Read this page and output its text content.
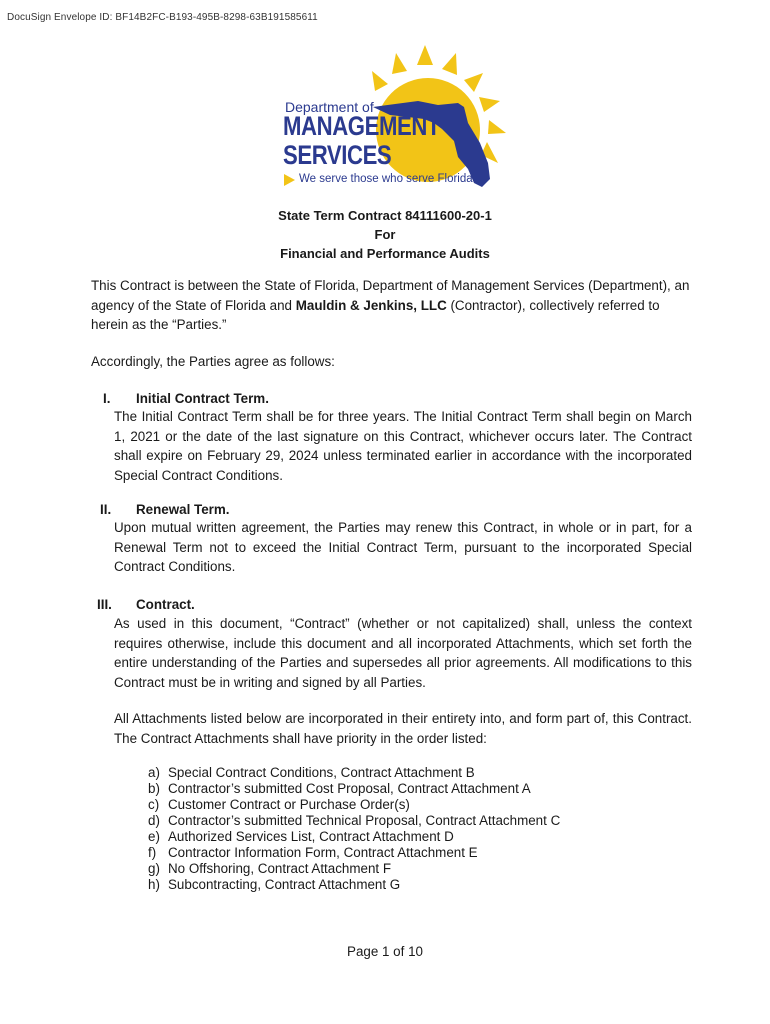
DocuSign Envelope ID: BF14B2FC-B193-495B-8298-63B191585611
Department of
MANAGEMENT
SERVICES
We serve those who serve Florida
State Term Contract 84111600-20-1
For
Financial and Performance Audits
This Contract is between the State of Florida, Department of Management Services (Department), an agency of the State of Florida and Mauldin & Jenkins, LLC (Contractor), collectively referred to herein as the “Parties.”
Accordingly, the Parties agree as follows:
I. Initial Contract Term.
The Initial Contract Term shall be for three years. The Initial Contract Term shall begin on March 1, 2021 or the date of the last signature on this Contract, whichever occurs later. The Contract shall expire on February 29, 2024 unless terminated earlier in accordance with the incorporated Special Contract Conditions.
II. Renewal Term.
Upon mutual written agreement, the Parties may renew this Contract, in whole or in part, for a Renewal Term not to exceed the Initial Contract Term, pursuant to the incorporated Special Contract Conditions.
III. Contract.
As used in this document, “Contract” (whether or not capitalized) shall, unless the context requires otherwise, include this document and all incorporated Attachments, which set forth the entire understanding of the Parties and supersedes all prior agreements. All modifications to this Contract must be in writing and signed by all Parties.
All Attachments listed below are incorporated in their entirety into, and form part of, this Contract. The Contract Attachments shall have priority in the order listed:
a) Special Contract Conditions, Contract Attachment B
b) Contractor’s submitted Cost Proposal, Contract Attachment A
c) Customer Contract or Purchase Order(s)
d) Contractor’s submitted Technical Proposal, Contract Attachment C
e) Authorized Services List, Contract Attachment D
f) Contractor Information Form, Contract Attachment E
g) No Offshoring, Contract Attachment F
h) Subcontracting, Contract Attachment G
Page 1 of 10
